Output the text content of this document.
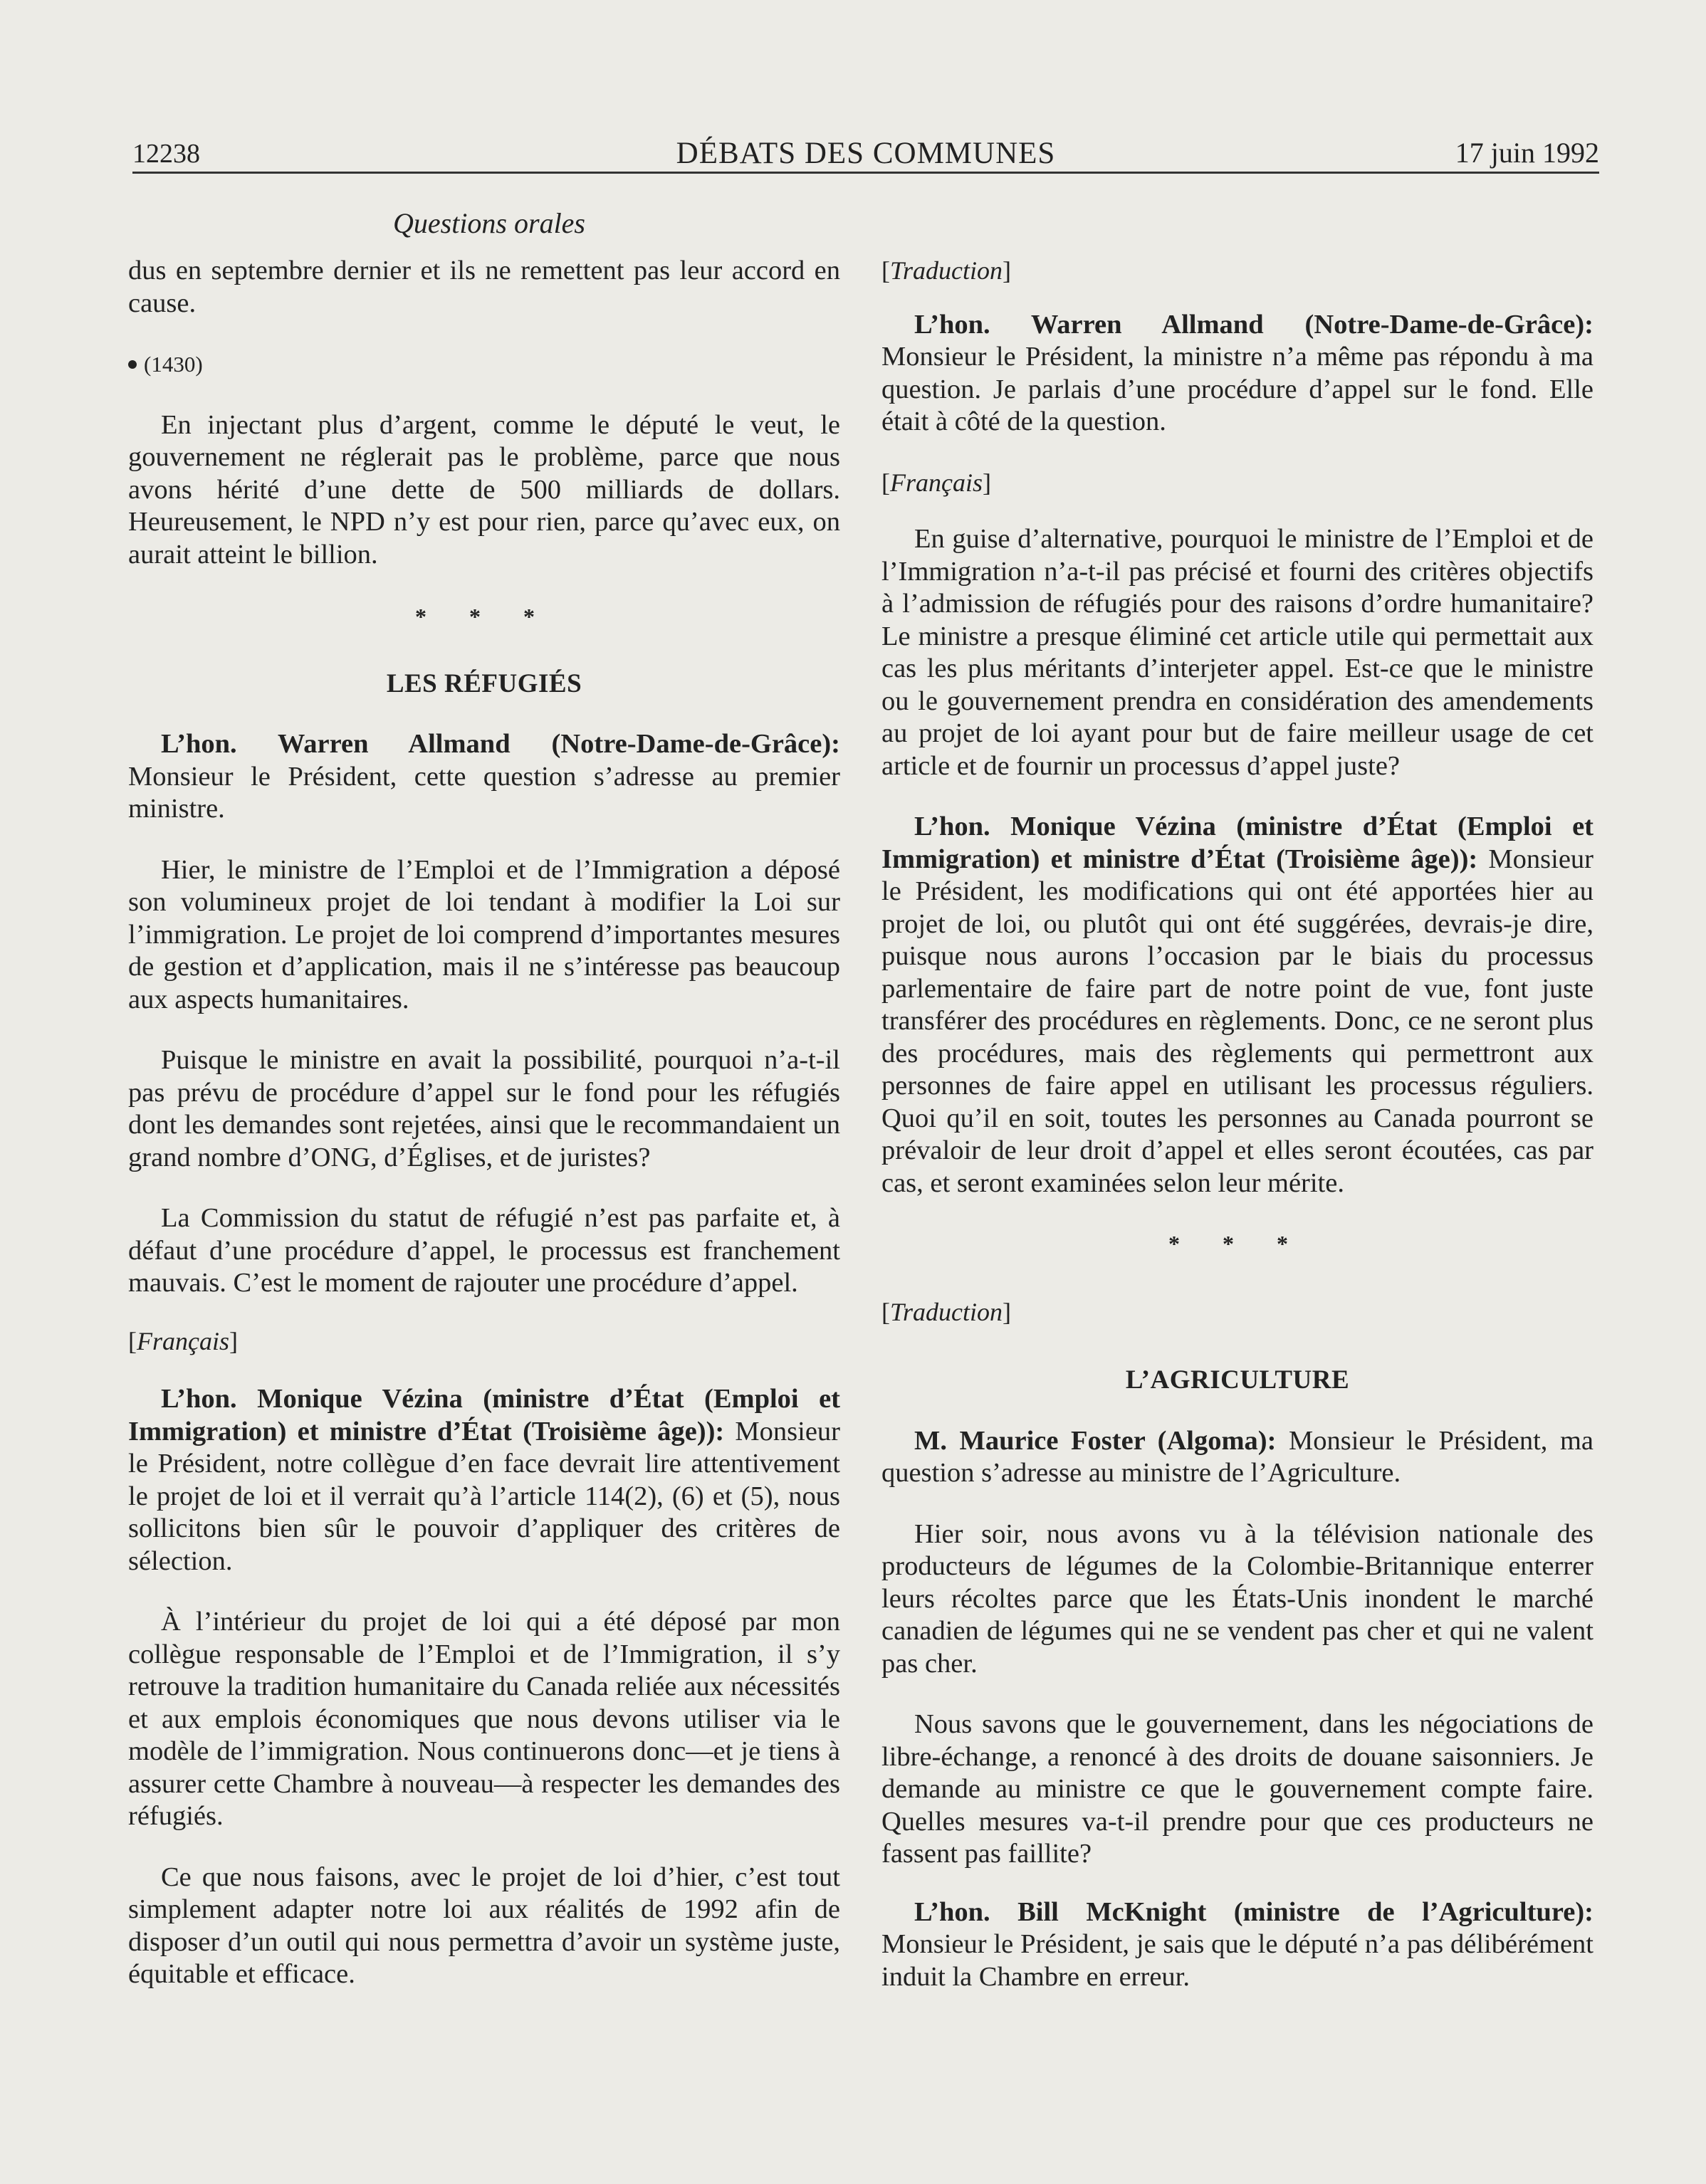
12238	DÉBATS DES COMMUNES	17 juin 1992
Questions orales

dus en septembre dernier et ils ne remettent pas leur accord en cause.

(1430)

En injectant plus d’argent, comme le député le veut, le gouvernement ne réglerait pas le problème, parce que nous avons hérité d’une dette de 500 milliards de dollars. Heureusement, le NPD n’y est pour rien, parce qu’avec eux, on aurait atteint le billion.

* * *
LES RÉFUGIÉS

L’hon. Warren Allmand (Notre-Dame-de-Grâce): Monsieur le Président, cette question s’adresse au premier ministre.

Hier, le ministre de l’Emploi et de l’Immigration a déposé son volumineux projet de loi tendant à modifier la Loi sur l’immigration. Le projet de loi comprend d’importantes mesures de gestion et d’application, mais il ne s’intéresse pas beaucoup aux aspects humanitaires.

Puisque le ministre en avait la possibilité, pourquoi n’a-t-il pas prévu de procédure d’appel sur le fond pour les réfugiés dont les demandes sont rejetées, ainsi que le recommandaient un grand nombre d’ONG, d’Églises, et de juristes?

La Commission du statut de réfugié n’est pas parfaite et, à défaut d’une procédure d’appel, le processus est franchement mauvais. C’est le moment de rajouter une procédure d’appel.

[Français]

L’hon. Monique Vézina (ministre d’État (Emploi et Immigration) et ministre d’État (Troisième âge)): Monsieur le Président, notre collègue d’en face devrait lire attentivement le projet de loi et il verrait qu’à l’article 114(2), (6) et (5), nous sollicitons bien sûr le pouvoir d’appliquer des critères de sélection.

À l’intérieur du projet de loi qui a été déposé par mon collègue responsable de l’Emploi et de l’Immigration, il s’y retrouve la tradition humanitaire du Canada reliée aux nécessités et aux emplois économiques que nous devons utiliser via le modèle de l’immigration. Nous continuerons donc—et je tiens à assurer cette Chambre à nouveau—à respecter les demandes des réfugiés.

Ce que nous faisons, avec le projet de loi d’hier, c’est tout simplement adapter notre loi aux réalités de 1992 afin de disposer d’un outil qui nous permettra d’avoir un système juste, équitable et efficace.

[Traduction]

L’hon. Warren Allmand (Notre-Dame-de-Grâce): Monsieur le Président, la ministre n’a même pas répondu à ma question. Je parlais d’une procédure d’appel sur le fond. Elle était à côté de la question.

[Français]

En guise d’alternative, pourquoi le ministre de l’Emploi et de l’Immigration n’a-t-il pas précisé et fourni des critères objectifs à l’admission de réfugiés pour des raisons d’ordre humanitaire? Le ministre a presque éliminé cet article utile qui permettait aux cas les plus méritants d’interjeter appel. Est-ce que le ministre ou le gouvernement prendra en considération des amendements au projet de loi ayant pour but de faire meilleur usage de cet article et de fournir un processus d’appel juste?

L’hon. Monique Vézina (ministre d’État (Emploi et Immigration) et ministre d’État (Troisième âge)): Monsieur le Président, les modifications qui ont été apportées hier au projet de loi, ou plutôt qui ont été suggérées, devrais-je dire, puisque nous aurons l’occasion par le biais du processus parlementaire de faire part de notre point de vue, font juste transférer des procédures en règlements. Donc, ce ne seront plus des procédures, mais des règlements qui permettront aux personnes de faire appel en utilisant les processus réguliers. Quoi qu’il en soit, toutes les personnes au Canada pourront se prévaloir de leur droit d’appel et elles seront écoutées, cas par cas, et seront examinées selon leur mérite.

* * *

[Traduction]

L’AGRICULTURE

M. Maurice Foster (Algoma): Monsieur le Président, ma question s’adresse au ministre de l’Agriculture.

Hier soir, nous avons vu à la télévision nationale des producteurs de légumes de la Colombie-Britannique enterrer leurs récoltes parce que les États-Unis inondent le marché canadien de légumes qui ne se vendent pas cher et qui ne valent pas cher.

Nous savons que le gouvernement, dans les négociations de libre-échange, a renoncé à des droits de douane saisonniers. Je demande au ministre ce que le gouvernement compte faire. Quelles mesures va-t-il prendre pour que ces producteurs ne fassent pas faillite?

L’hon. Bill McKnight (ministre de l’Agriculture): Monsieur le Président, je sais que le député n’a pas délibérément induit la Chambre en erreur.
